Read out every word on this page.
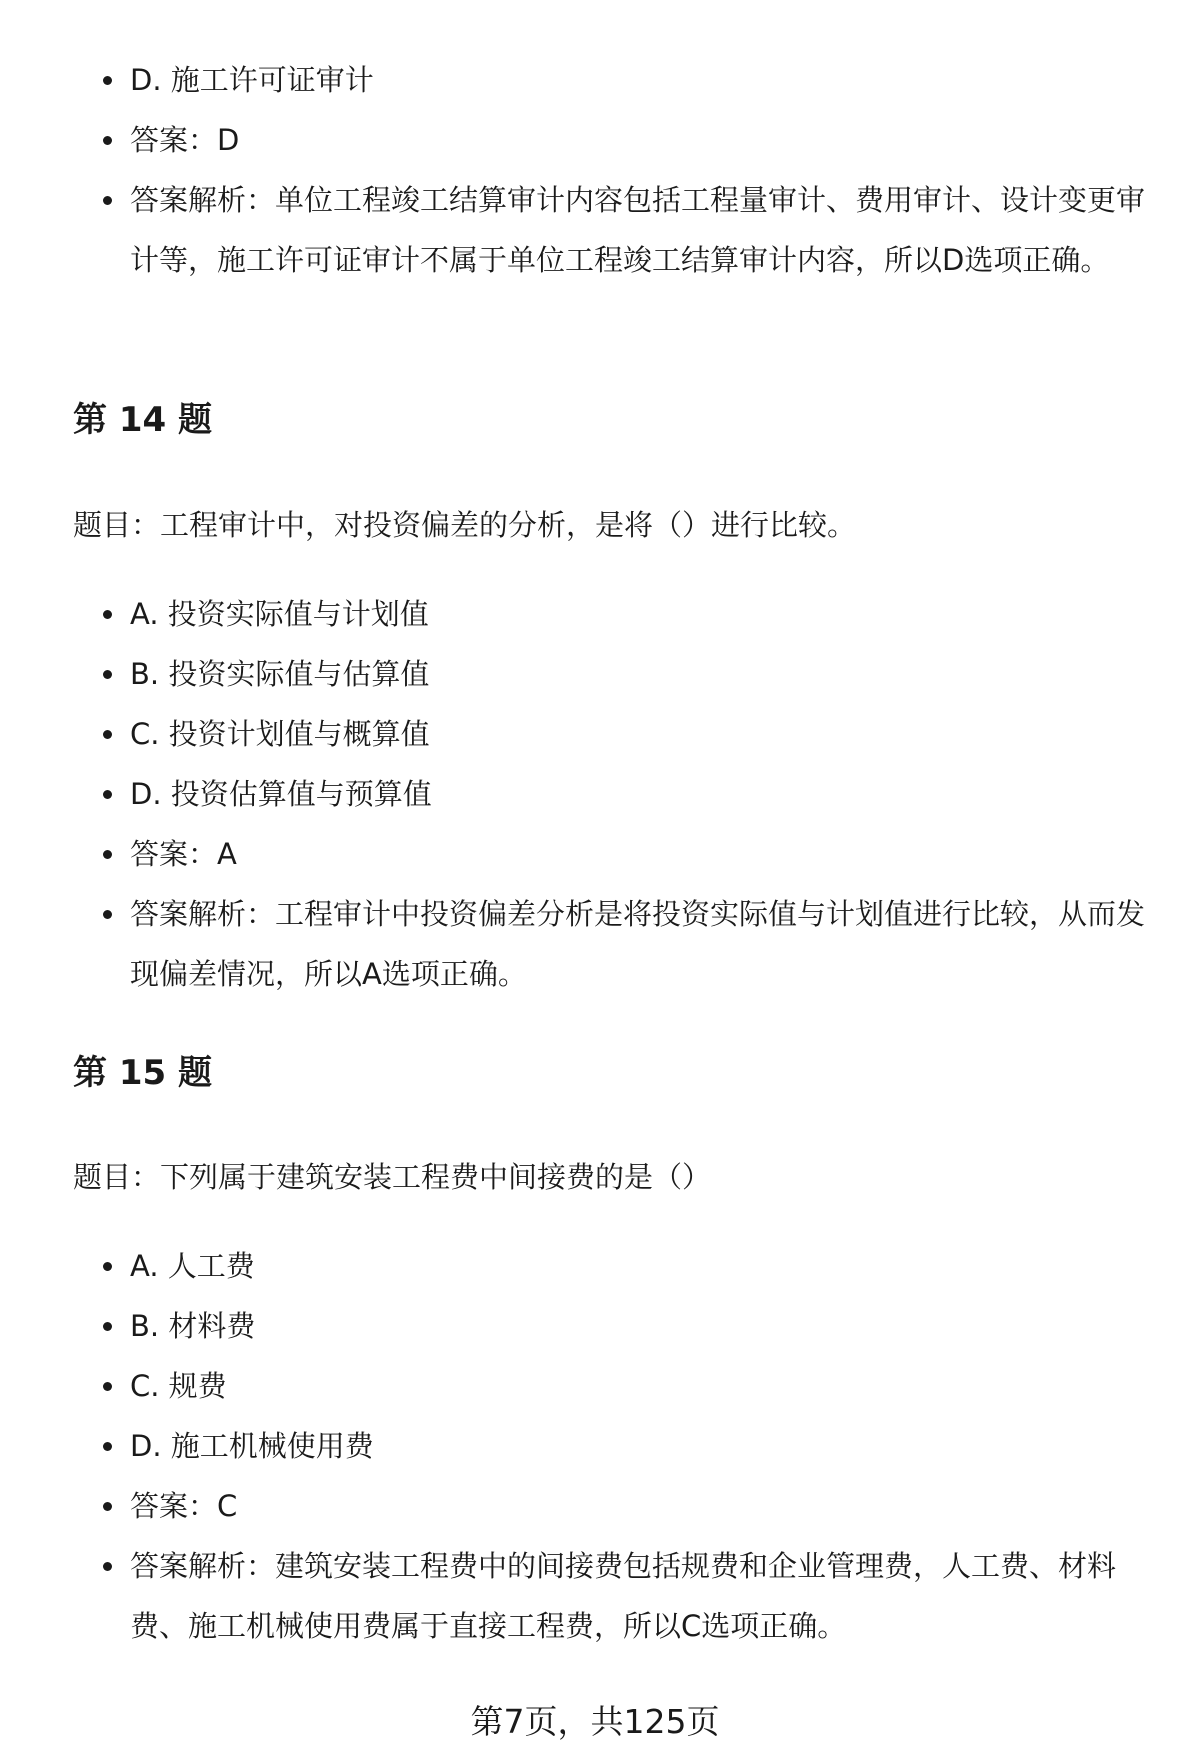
D. 施工许可证审计
答案：D
答案解析：单位工程竣工结算审计内容包括工程量审计、费用审计、设计变更审计等，施工许可证审计不属于单位工程竣工结算审计内容，所以D选项正确。
第 14 题

题目：工程审计中，对投资偏差的分析，是将（）进行比较。

A. 投资实际值与计划值
B. 投资实际值与估算值
C. 投资计划值与概算值
D. 投资估算值与预算值
答案：A
答案解析：工程审计中投资偏差分析是将投资实际值与计划值进行比较，从而发现偏差情况，所以A选项正确。
第 15 题

题目：下列属于建筑安装工程费中间接费的是（）

A. 人工费
B. 材料费
C. 规费
D. 施工机械使用费
答案：C
答案解析：建筑安装工程费中的间接费包括规费和企业管理费，人工费、材料费、施工机械使用费属于直接工程费，所以C选项正确。
第7页，共125页
